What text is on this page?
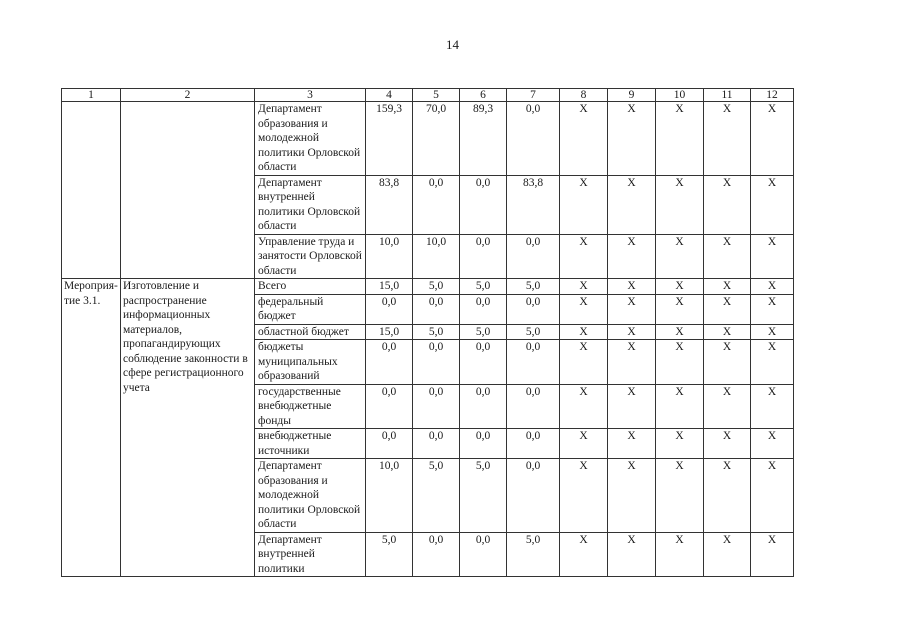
14
1	2	3	4	5	6	7	8	9	10	11	12
		Департамент образования и молодежной политики Орловской области	159,3	70,0	89,3	0,0	Х	Х	Х	Х	Х
		Департамент внутренней политики Орловской области	83,8	0,0	0,0	83,8	Х	Х	Х	Х	Х
		Управление труда и занятости Орловской области	10,0	10,0	0,0	0,0	Х	Х	Х	Х	Х
Мероприя-тие 3.1.	Изготовление и распространение информационных материалов, пропагандирующих соблюдение законности в сфере регистрационного учета	Всего	15,0	5,0	5,0	5,0	Х	Х	Х	Х	Х
		федеральный бюджет	0,0	0,0	0,0	0,0	Х	Х	Х	Х	Х
		областной бюджет	15,0	5,0	5,0	5,0	Х	Х	Х	Х	Х
		бюджеты муниципальных образований	0,0	0,0	0,0	0,0	Х	Х	Х	Х	Х
		государственные внебюджетные фонды	0,0	0,0	0,0	0,0	Х	Х	Х	Х	Х
		внебюджетные источники	0,0	0,0	0,0	0,0	Х	Х	Х	Х	Х
		Департамент образования и молодежной политики Орловской области	10,0	5,0	5,0	0,0	Х	Х	Х	Х	Х
		Департамент внутренней политики	5,0	0,0	0,0	5,0	Х	Х	Х	Х	Х
